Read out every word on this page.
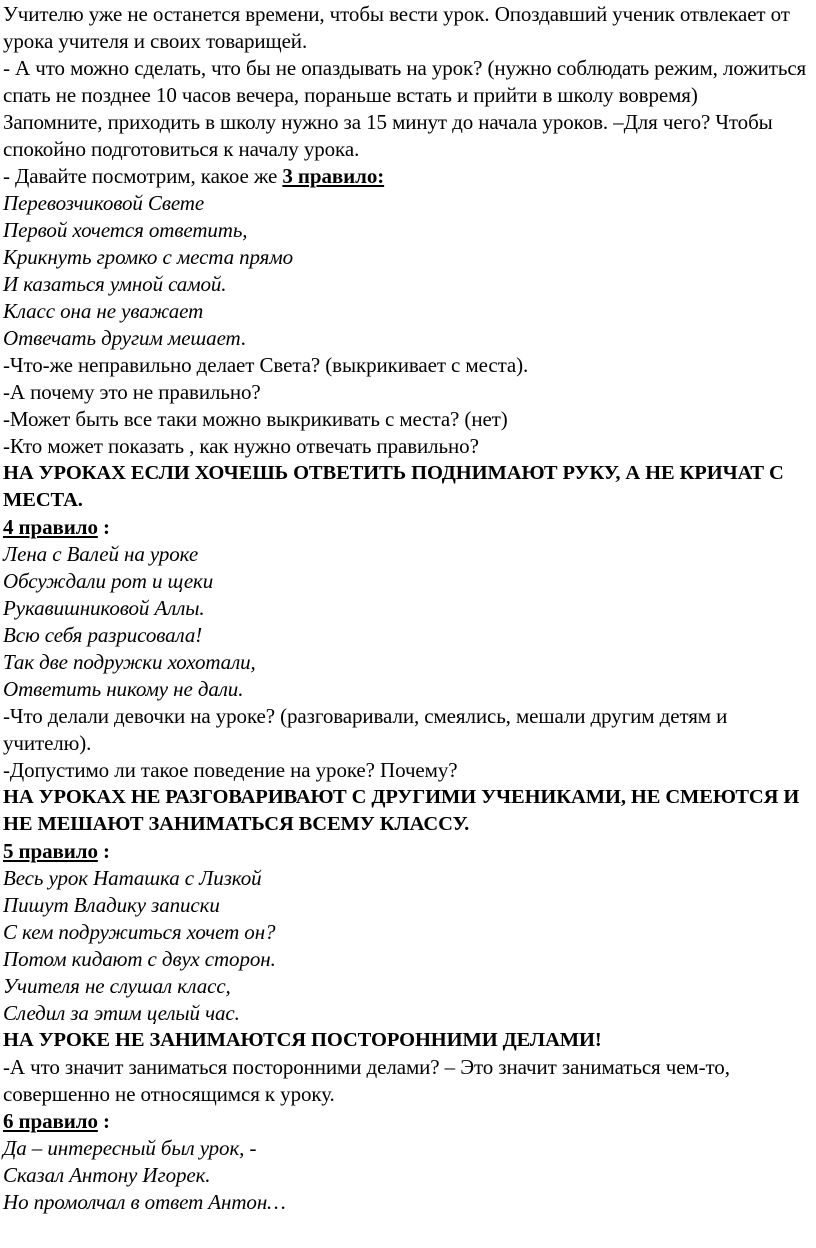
Учителю уже не останется времени, чтобы вести урок. Опоздавший ученик отвлекает от урока учителя и своих товарищей.

- А что можно сделать, что бы не опаздывать на урок? (нужно соблюдать режим, ложиться спать не позднее 10 часов вечера, пораньше встать и прийти в школу вовремя)

Запомните, приходить в школу нужно за 15 минут до начала уроков. –Для чего? Чтобы спокойно подготовиться к началу урока.

- Давайте посмотрим, какое же 3 правило:

Перевозчиковой Свете

Первой хочется ответить,

Крикнуть громко с места прямо

И казаться умной самой.

Класс она не уважает

Отвечать другим мешает.

-Что-же неправильно делает Света? (выкрикивает с места).

-А почему это не правильно?

-Может быть все таки можно выкрикивать с места? (нет)

-Кто может показать , как нужно отвечать правильно?

НА УРОКАХ ЕСЛИ ХОЧЕШЬ ОТВЕТИТЬ ПОДНИМАЮТ РУКУ, А НЕ КРИЧАТ С МЕСТА.

4 правило :

Лена с Валей на уроке

Обсуждали рот и щеки

Рукавишниковой Аллы.

Всю себя разрисовала!

Так две подружки хохотали,

Ответить никому не дали.

-Что делали девочки на уроке? (разговаривали, смеялись, мешали другим детям и учителю).

-Допустимо ли такое поведение на уроке? Почему?

НА УРОКАХ НЕ РАЗГОВАРИВАЮТ С ДРУГИМИ УЧЕНИКАМИ, НЕ СМЕЮТСЯ И НЕ МЕШАЮТ ЗАНИМАТЬСЯ ВСЕМУ КЛАССУ.

5 правило :

Весь урок Наташка с Лизкой

Пишут Владику записки

С кем подружиться хочет он?

Потом кидают с двух сторон.

Учителя не слушал класс,

Следил за этим целый час.

НА УРОКЕ НЕ ЗАНИМАЮТСЯ ПОСТОРОННИМИ ДЕЛАМИ!

-А что значит заниматься посторонними делами? – Это значит заниматься чем-то, совершенно не относящимся к уроку.

6 правило :

Да – интересный был урок, -

Сказал Антону Игорек.

Но промолчал в ответ Антон…
